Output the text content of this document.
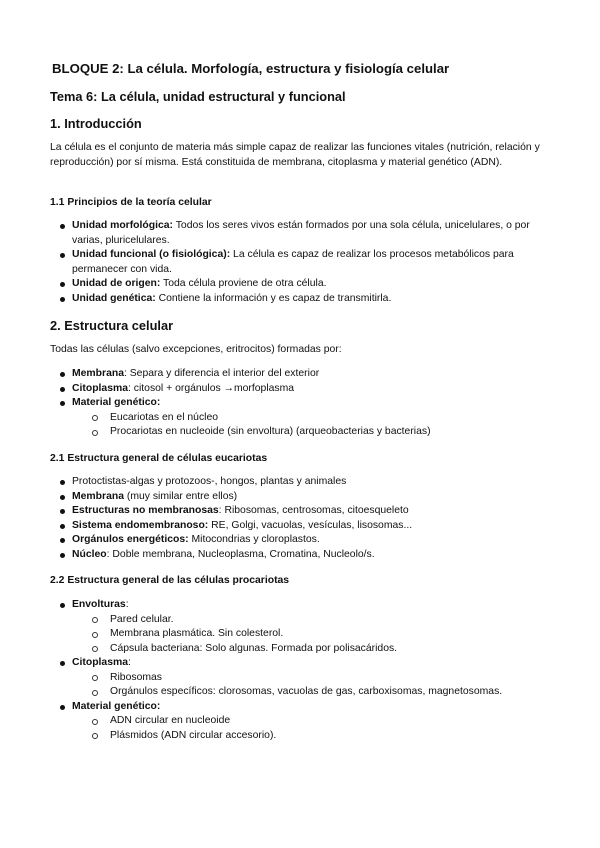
BLOQUE 2: La célula. Morfología, estructura y fisiología celular
Tema 6: La célula, unidad estructural y funcional
1. Introducción
La célula es el conjunto de materia más simple capaz de realizar las funciones vitales (nutrición, relación y reproducción) por sí misma. Está constituida de membrana, citoplasma y material genético (ADN).
1.1 Principios de la teoría celular
Unidad morfológica: Todos los seres vivos están formados por una sola célula, unicelulares, o por varias, pluricelulares.
Unidad funcional (o fisiológica): La célula es capaz de realizar los procesos metabólicos para permanecer con vida.
Unidad de origen: Toda célula proviene de otra célula.
Unidad genética: Contiene la información y es capaz de transmitirla.
2. Estructura celular
Todas las células (salvo excepciones, eritrocitos) formadas por:
Membrana: Separa y diferencia el interior del exterior
Citoplasma: citosol + orgánulos →morfoplasma
Material genético:
Eucariotas en el núcleo
Procariotas en nucleoide (sin envoltura) (arqueobacterias y bacterias)
2.1 Estructura general de células eucariotas
Protoctistas-algas y protozoos-, hongos, plantas y animales
Membrana (muy similar entre ellos)
Estructuras no membranosas: Ribosomas, centrosomas, citoesqueleto
Sistema endomembranoso: RE, Golgi, vacuolas, vesículas, lisosomas...
Orgánulos energéticos: Mitocondrias y cloroplastos.
Núcleo: Doble membrana, Nucleoplasma, Cromatina, Nucleolo/s.
2.2 Estructura general de las células procariotas
Envolturas:
Pared celular.
Membrana plasmática. Sin colesterol.
Cápsula bacteriana: Solo algunas. Formada por polisacáridos.
Citoplasma:
Ribosomas
Orgánulos específicos: clorosomas, vacuolas de gas, carboxisomas, magnetosomas.
Material genético:
ADN circular en nucleoide
Plásmidos (ADN circular accesorio).
